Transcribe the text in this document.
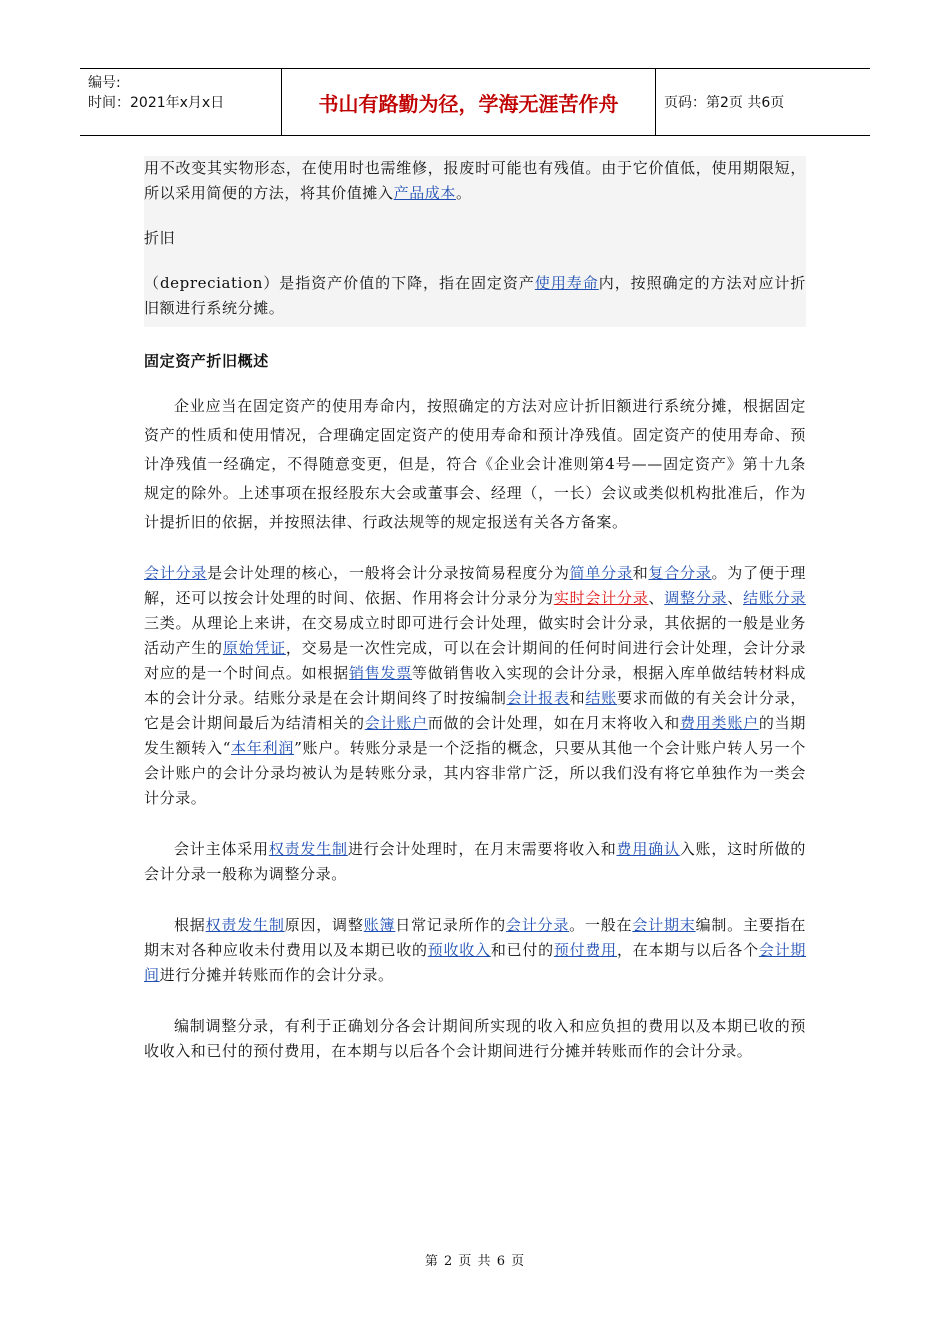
编号:
时间：2021年x月x日	书山有路勤为径，学海无涯苦作舟	页码：第2页 共6页

用不改变其实物形态，在使用时也需维修，报废时可能也有残值。由于它价值低，使用期限短，所以采用简便的方法，将其价值摊入产品成本。

折旧

（depreciation）是指资产价值的下降，指在固定资产使用寿命内，按照确定的方法对应计折旧额进行系统分摊。

固定资产折旧概述

企业应当在固定资产的使用寿命内，按照确定的方法对应计折旧额进行系统分摊，根据固定资产的性质和使用情况，合理确定固定资产的使用寿命和预计净残值。固定资产的使用寿命、预计净残值一经确定，不得随意变更，但是，符合《企业会计准则第4号——固定资产》第十九条规定的除外。上述事项在报经股东大会或董事会、经理（，一长）会议或类似机构批准后，作为计提折旧的依据，并按照法律、行政法规等的规定报送有关各方备案。

会计分录是会计处理的核心，一般将会计分录按简易程度分为简单分录和复合分录。为了便于理解，还可以按会计处理的时间、依据、作用将会计分录分为实时会计分录、调整分录、结账分录三类。从理论上来讲，在交易成立时即可进行会计处理，做实时会计分录，其依据的一般是业务活动产生的原始凭证，交易是一次性完成，可以在会计期间的任何时间进行会计处理，会计分录对应的是一个时间点。如根据销售发票等做销售收入实现的会计分录，根据入库单做结转材料成本的会计分录。结账分录是在会计期间终了时按编制会计报表和结账要求而做的有关会计分录，它是会计期间最后为结清相关的会计账户而做的会计处理，如在月末将收入和费用类账户的当期发生额转入“本年利润”账户。转账分录是一个泛指的概念，只要从其他一个会计账户转人另一个会计账户的会计分录均被认为是转账分录，其内容非常广泛，所以我们没有将它单独作为一类会计分录。

会计主体采用权责发生制进行会计处理时，在月末需要将收入和费用确认入账，这时所做的会计分录一般称为调整分录。

根据权责发生制原因，调整账簿日常记录所作的会计分录。一般在会计期末编制。主要指在期末对各种应收未付费用以及本期已收的预收收入和已付的预付费用，在本期与以后各个会计期间进行分摊并转账而作的会计分录。

编制调整分录，有利于正确划分各会计期间所实现的收入和应负担的费用以及本期已收的预收收入和已付的预付费用，在本期与以后各个会计期间进行分摊并转账而作的会计分录。

第 2 页 共 6 页
